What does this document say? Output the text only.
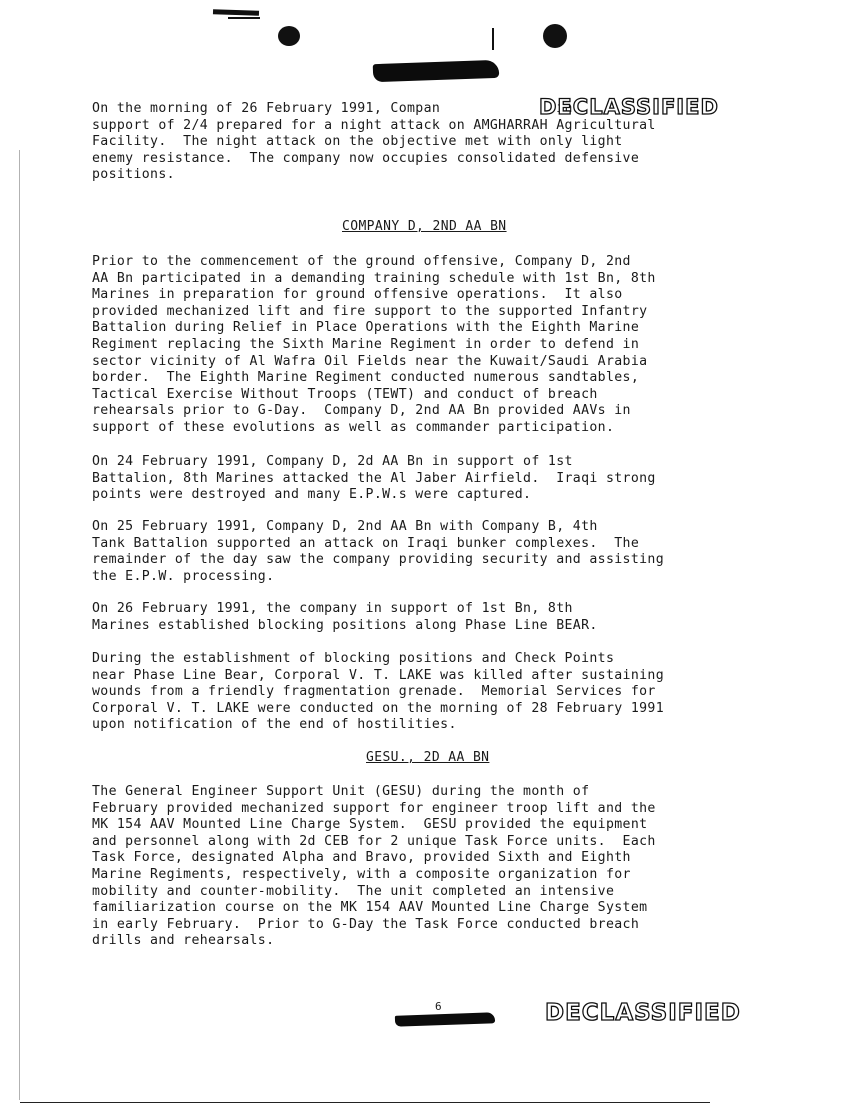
On the morning of 26 February 1991, Compan              in
support of 2/4 prepared for a night attack on AMGHARRAH Agricultural
Facility.  The night attack on the objective met with only light
enemy resistance.  The company now occupies consolidated defensive
positions.
DECLASSIFIED
COMPANY D, 2ND AA BN
Prior to the commencement of the ground offensive, Company D, 2nd
AA Bn participated in a demanding training schedule with 1st Bn, 8th
Marines in preparation for ground offensive operations.  It also
provided mechanized lift and fire support to the supported Infantry
Battalion during Relief in Place Operations with the Eighth Marine
Regiment replacing the Sixth Marine Regiment in order to defend in
sector vicinity of Al Wafra Oil Fields near the Kuwait/Saudi Arabia
border.  The Eighth Marine Regiment conducted numerous sandtables,
Tactical Exercise Without Troops (TEWT) and conduct of breach
rehearsals prior to G-Day.  Company D, 2nd AA Bn provided AAVs in
support of these evolutions as well as commander participation.
On 24 February 1991, Company D, 2d AA Bn in support of 1st
Battalion, 8th Marines attacked the Al Jaber Airfield.  Iraqi strong
points were destroyed and many E.P.W.s were captured.
On 25 February 1991, Company D, 2nd AA Bn with Company B, 4th
Tank Battalion supported an attack on Iraqi bunker complexes.  The
remainder of the day saw the company providing security and assisting
the E.P.W. processing.
On 26 February 1991, the company in support of 1st Bn, 8th
Marines established blocking positions along Phase Line BEAR.
During the establishment of blocking positions and Check Points
near Phase Line Bear, Corporal V. T. LAKE was killed after sustaining
wounds from a friendly fragmentation grenade.  Memorial Services for
Corporal V. T. LAKE were conducted on the morning of 28 February 1991
upon notification of the end of hostilities.
GESU., 2D AA BN
The General Engineer Support Unit (GESU) during the month of
February provided mechanized support for engineer troop lift and the
MK 154 AAV Mounted Line Charge System.  GESU provided the equipment
and personnel along with 2d CEB for 2 unique Task Force units.  Each
Task Force, designated Alpha and Bravo, provided Sixth and Eighth
Marine Regiments, respectively, with a composite organization for
mobility and counter-mobility.  The unit completed an intensive
familiarization course on the MK 154 AAV Mounted Line Charge System
in early February.  Prior to G-Day the Task Force conducted breach
drills and rehearsals.
6	DECLASSIFIED
